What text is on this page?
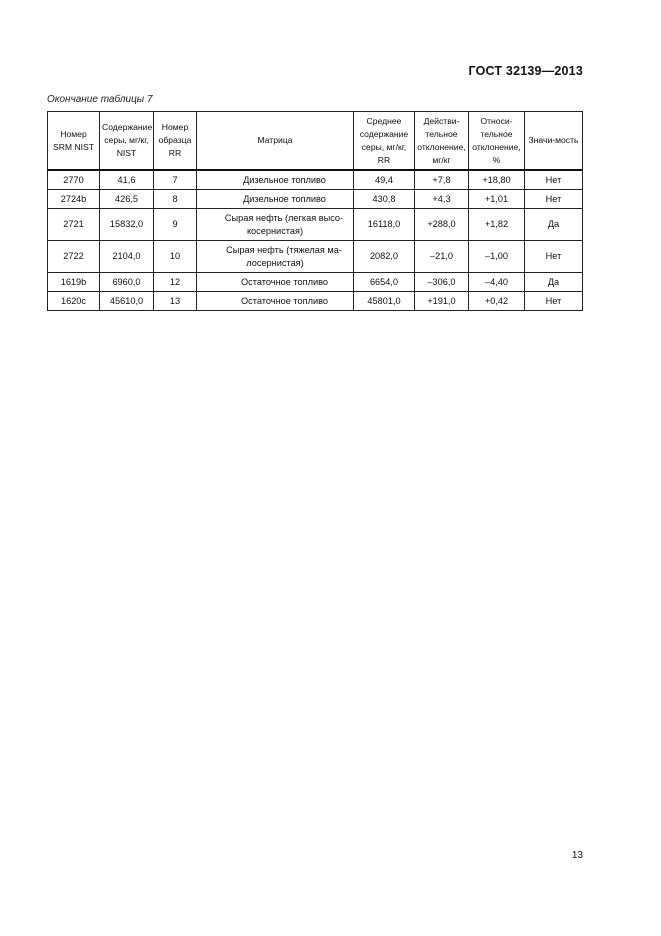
ГОСТ 32139—2013
Окончание таблицы 7
Номер SRM NIST	Содержание серы, мг/кг, NIST	Номер образца RR	Матрица	Среднее содержание серы, мг/кг, RR	Действи-тельное отклонение, мг/кг	Относи-тельное отклонение, %	Значи-мость
2770	41,6	7	Дизельное топливо	49,4	+7,8	+18,80	Нет
2724b	426,5	8	Дизельное топливо	430,8	+4,3	+1,01	Нет
2721	15832,0	9	Сырая нефть (легкая высо-косернистая)	16118,0	+288,0	+1,82	Да
2722	2104,0	10	Сырая нефть (тяжелая ма-лосернистая)	2082,0	–21,0	–1,00	Нет
1619b	6960,0	12	Остаточное топливо	6654,0	–306,0	–4,40	Да
1620c	45610,0	13	Остаточное топливо	45801,0	+191,0	+0,42	Нет
13
